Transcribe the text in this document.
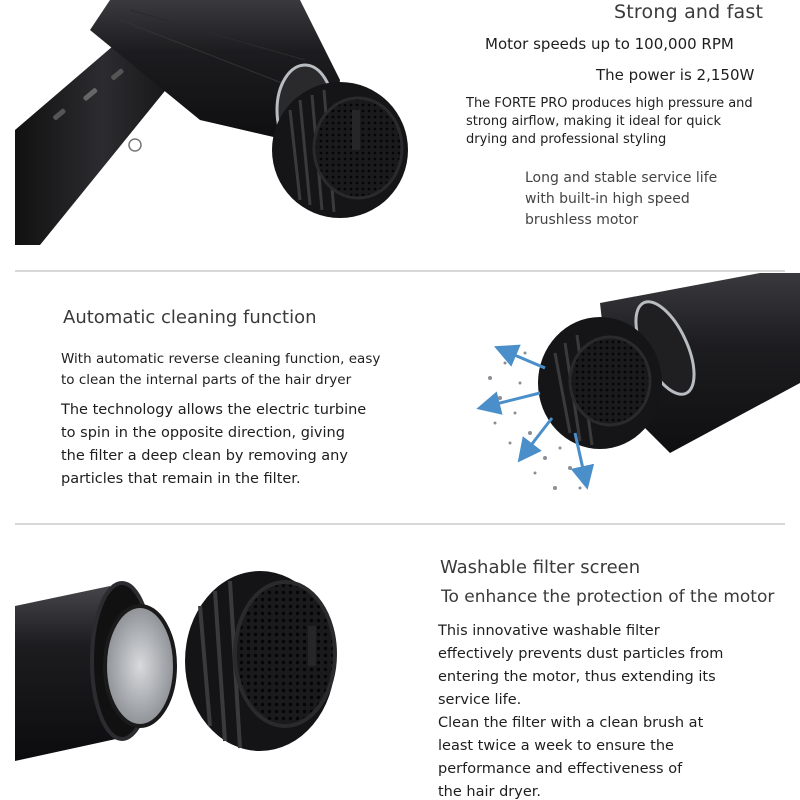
Strong and fast

Motor speeds up to 100,000 RPM

The power is 2,150W

The FORTE PRO produces high pressure and
strong airflow, making it ideal for quick
drying and professional styling

Long and stable service life
with built-in high speed
brushless motor

Automatic cleaning function

With automatic reverse cleaning function, easy
to clean the internal parts of the hair dryer

The technology allows the electric turbine
to spin in the opposite direction, giving
the filter a deep clean by removing any
particles that remain in the filter.

Washable filter screen

To enhance the protection of the motor

This innovative washable filter
effectively prevents dust particles from
entering the motor, thus extending its
service life.

Clean the filter with a clean brush at
least twice a week to ensure the
performance and effectiveness of
the hair dryer.
